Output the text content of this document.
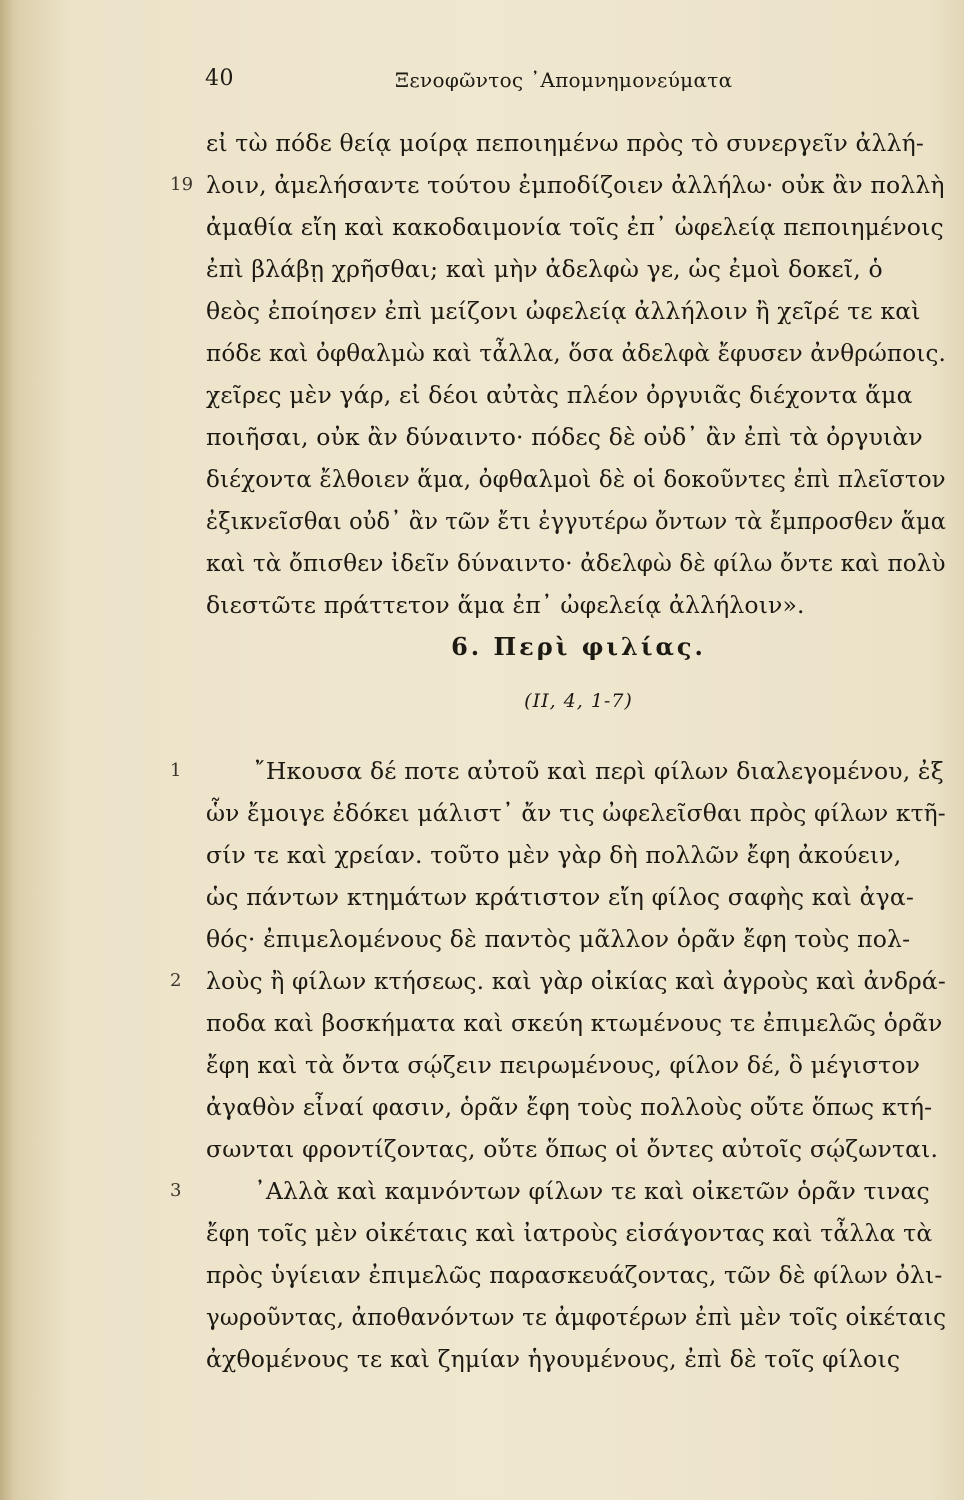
40	Ξενοφῶντος ᾿Απομνημονεύματα
εἰ τὼ πόδε θείᾳ μοίρᾳ πεποιημένω πρὸς τὸ συνεργεῖν ἀλλή-
19 λοιν, ἀμελήσαντε τούτου ἐμποδίζοιεν ἀλλήλω· οὐκ ἂν πολλὴ
ἀμαθία εἴη καὶ κακοδαιμονία τοῖς ἐπ᾿ ὠφελείᾳ πεποιημένοις
ἐπὶ βλάβῃ χρῆσθαι; καὶ μὴν ἀδελφὼ γε, ὡς ἐμοὶ δοκεῖ, ὁ
θεὸς ἐποίησεν ἐπὶ μείζονι ὠφελείᾳ ἀλλήλοιν ἢ χεῖρέ τε καὶ
πόδε καὶ ὀφθαλμὼ καὶ τἆλλα, ὅσα ἀδελφὰ ἔφυσεν ἀνθρώποις.
χεῖρες μὲν γάρ, εἰ δέοι αὐτὰς πλέον ὀργυιᾶς διέχοντα ἅμα
ποιῆσαι, οὐκ ἂν δύναιντο· πόδες δὲ οὐδ᾿ ἂν ἐπὶ τὰ ὀργυιὰν
διέχοντα ἔλθοιεν ἅμα, ὀφθαλμοὶ δὲ οἱ δοκοῦντες ἐπὶ πλεῖστον
ἐξικνεῖσθαι οὐδ᾿ ἂν τῶν ἔτι ἐγγυτέρω ὄντων τὰ ἔμπροσθεν ἅμα
καὶ τὰ ὄπισθεν ἰδεῖν δύναιντο· ἀδελφὼ δὲ φίλω ὄντε καὶ πολὺ
διεστῶτε πράττετον ἅμα ἐπ᾿ ὠφελείᾳ ἀλλήλοιν».
6. Περὶ φιλίας.
(II, 4, 1-7)
1	῎Ηκουσα δέ ποτε αὐτοῦ καὶ περὶ φίλων διαλεγομένου, ἐξ
ὧν ἔμοιγε ἐδόκει μάλιστ᾿ ἄν τις ὠφελεῖσθαι πρὸς φίλων κτῆ-
σίν τε καὶ χρείαν. τοῦτο μὲν γὰρ δὴ πολλῶν ἔφη ἀκούειν,
ὡς πάντων κτημάτων κράτιστον εἴη φίλος σαφὴς καὶ ἀγα-
θός· ἐπιμελομένους δὲ παντὸς μᾶλλον ὁρᾶν ἔφη τοὺς πολ-
2 λοὺς ἢ φίλων κτήσεως. καὶ γὰρ οἰκίας καὶ ἀγροὺς καὶ ἀνδρά-
ποδα καὶ βοσκήματα καὶ σκεύη κτωμένους τε ἐπιμελῶς ὁρᾶν
ἔφη καὶ τὰ ὄντα σῴζειν πειρωμένους, φίλον δέ, ὃ μέγιστον
ἀγαθὸν εἶναί φασιν, ὁρᾶν ἔφη τοὺς πολλοὺς οὔτε ὅπως κτή-
σωνται φροντίζοντας, οὔτε ὅπως οἱ ὄντες αὐτοῖς σῴζωνται.
3	᾿Αλλὰ καὶ καμνόντων φίλων τε καὶ οἰκετῶν ὁρᾶν τινας
ἔφη τοῖς μὲν οἰκέταις καὶ ἰατροὺς εἰσάγοντας καὶ τἆλλα τὰ
πρὸς ὑγίειαν ἐπιμελῶς παρασκευάζοντας, τῶν δὲ φίλων ὀλι-
γωροῦντας, ἀποθανόντων τε ἀμφοτέρων ἐπὶ μὲν τοῖς οἰκέταις
ἀχθομένους τε καὶ ζημίαν ἡγουμένους, ἐπὶ δὲ τοῖς φίλοις
